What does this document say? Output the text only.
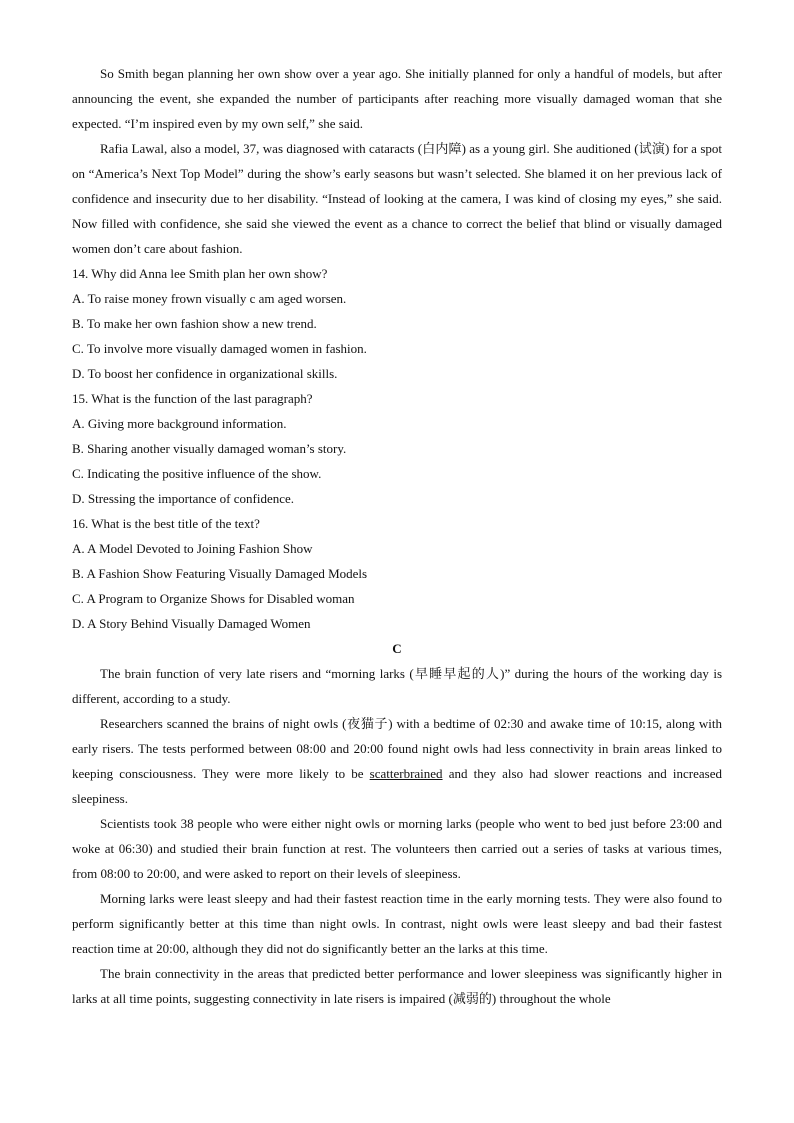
So Smith began planning her own show over a year ago. She initially planned for only a handful of models, but after announcing the event, she expanded the number of participants after reaching more visually damaged woman that she expected. “I’m inspired even by my own self,” she said.

Rafia Lawal, also a model, 37, was diagnosed with cataracts (白内障) as a young girl. She auditioned (试演) for a spot on “America’s Next Top Model” during the show’s early seasons but wasn’t selected. She blamed it on her previous lack of confidence and insecurity due to her disability. “Instead of looking at the camera, I was kind of closing my eyes,” she said. Now filled with confidence, she said she viewed the event as a chance to correct the belief that blind or visually damaged women don’t care about fashion.

14. Why did Anna lee Smith plan her own show?

A. To raise money frown visually c am aged worsen.

B. To make her own fashion show a new trend.

C. To involve more visually damaged women in fashion.

D. To boost her confidence in organizational skills.

15. What is the function of the last paragraph?

A. Giving more background information.

B. Sharing another visually damaged woman’s story.

C. Indicating the positive influence of the show.

D. Stressing the importance of confidence.

16. What is the best title of the text?

A. A Model Devoted to Joining Fashion Show

B. A Fashion Show Featuring Visually Damaged Models

C. A Program to Organize Shows for Disabled woman

D. A Story Behind Visually Damaged Women

C

The brain function of very late risers and “morning larks (早睡早起的人)” during the hours of the working day is different, according to a study.

Researchers scanned the brains of night owls (夜猫子) with a bedtime of 02:30 and awake time of 10:15, along with early risers. The tests performed between 08:00 and 20:00 found night owls had less connectivity in brain areas linked to keeping consciousness. They were more likely to be scatterbrained and they also had slower reactions and increased sleepiness.

Scientists took 38 people who were either night owls or morning larks (people who went to bed just before 23:00 and woke at 06:30) and studied their brain function at rest. The volunteers then carried out a series of tasks at various times, from 08:00 to 20:00, and were asked to report on their levels of sleepiness.

Morning larks were least sleepy and had their fastest reaction time in the early morning tests. They were also found to perform significantly better at this time than night owls. In contrast, night owls were least sleepy and bad their fastest reaction time at 20:00, although they did not do significantly better an the larks at this time.

The brain connectivity in the areas that predicted better performance and lower sleepiness was significantly higher in larks at all time points, suggesting connectivity in late risers is impaired (减弱的) throughout the whole
